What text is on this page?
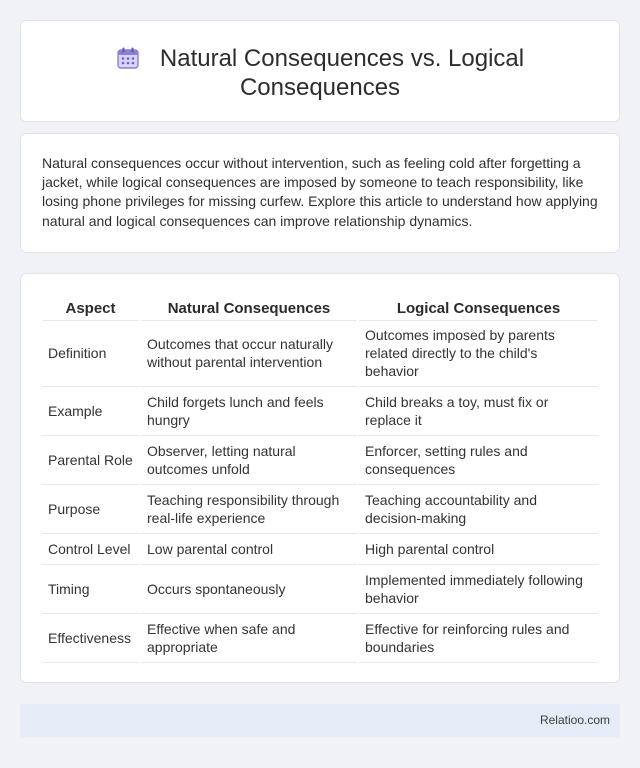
Natural Consequences vs. Logical
Consequences

Natural consequences occur without intervention, such as feeling cold after forgetting a jacket, while logical consequences are imposed by someone to teach responsibility, like losing phone privileges for missing curfew. Explore this article to understand how applying natural and logical consequences can improve relationship dynamics.

Aspect	Natural Consequences	Logical Consequences
Definition	Outcomes that occur naturally without parental intervention	Outcomes imposed by parents related directly to the child's behavior
Example	Child forgets lunch and feels hungry	Child breaks a toy, must fix or replace it
Parental Role	Observer, letting natural outcomes unfold	Enforcer, setting rules and consequences
Purpose	Teaching responsibility through real-life experience	Teaching accountability and decision-making
Control Level	Low parental control	High parental control
Timing	Occurs spontaneously	Implemented immediately following behavior
Effectiveness	Effective when safe and appropriate	Effective for reinforcing rules and boundaries
Relatioo.com
